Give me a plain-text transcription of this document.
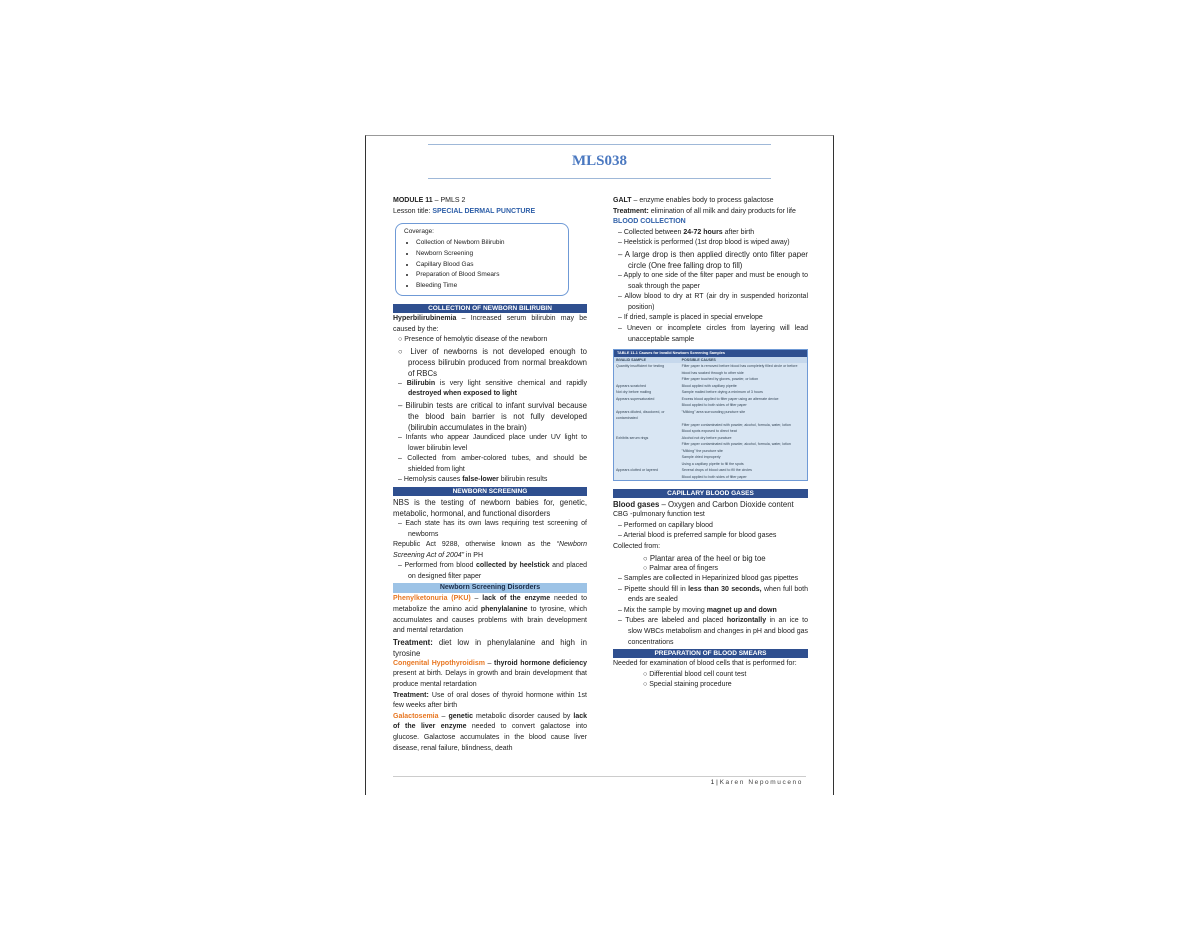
MLS038

MODULE 11 – PMLS 2

Lesson title: SPECIAL DERMAL PUNCTURE

Coverage:
• Collection of Newborn Bilirubin
• Newborn Screening
• Capillary Blood Gas
• Preparation of Blood Smears
• Bleeding Time
COLLECTION OF NEWBORN BILIRUBIN

Hyperbilirubinemia – Increased serum bilirubin may be caused by the:

○ Presence of hemolytic disease of the newborn

○ Liver of newborns is not developed enough to process bilirubin produced from normal breakdown of RBCs

– Bilirubin is very light sensitive chemical and rapidly destroyed when exposed to light

– Bilirubin tests are critical to infant survival because the blood bain barrier is not fully developed (bilirubin accumulates in the brain)

– Infants who appear Jaundiced place under UV light to lower bilirubin level

– Collected from amber-colored tubes, and should be shielded from light

– Hemolysis causes false-lower bilirubin results

NEWBORN SCREENING

NBS is the testing of newborn babies for, genetic, metabolic, hormonal, and functional disorders

– Each state has its own laws requiring test screening of newborns

Republic Act 9288, otherwise known as the “Newborn Screening Act of 2004” in PH

– Performed from blood collected by heelstick and placed on designed filter paper

Newborn Screening Disorders

Phenylketonuria (PKU) – lack of the enzyme needed to metabolize the amino acid phenylalanine to tyrosine, which accumulates and causes problems with brain development and mental retardation

Treatment: diet low in phenylalanine and high in tyrosine

Congenital Hypothyroidism – thyroid hormone deficiency present at birth. Delays in growth and brain development that produce mental retardation

Treatment: Use of oral doses of thyroid hormone within 1st few weeks after birth

Galactosemia – genetic metabolic disorder caused by lack of the liver enzyme needed to convert galactose into glucose. Galactose accumulates in the blood cause liver disease, renal failure, blindness, death

GALT – enzyme enables body to process galactose

Treatment: elimination of all milk and dairy products for life

BLOOD COLLECTION

– Collected between 24-72 hours after birth

– Heelstick is performed (1st drop blood is wiped away)

– A large drop is then applied directly onto filter paper circle (One free falling drop to fill)

– Apply to one side of the filter paper and must be enough to soak through the paper

– Allow blood to dry at RT (air dry in suspended horizontal position)

– If dried, sample is placed in special envelope

– Uneven or incomplete circles from layering will lead unacceptable sample

TABLE 11-1 Causes for Invalid Newborn Screening Samples
INVALID SAMPLE	POSSIBLE CAUSES
Quantity insufficient for testing	Filter paper is removed before blood has completely filled circle or before blood has soaked through to other side
	Filter paper touched by gloves, powder, or lotion
Appears scratched	Blood applied with capillary pipette
Not dry before mailing	Sample mailed before drying a minimum of 3 hours
Appears supersaturated	Excess blood applied to filter paper using an alternate device
	Blood applied to both sides of filter paper
Appears diluted, discolored, or contaminated	"Milking" area surrounding puncture site
	Filter paper contaminated with powder, alcohol, formula, water, lotion
	Blood spots exposed to direct heat
Exhibits serum rings	Alcohol not dry before puncture
	Filter paper contaminated with powder, alcohol, formula, water, lotion
	"Milking" the puncture site
	Sample dried improperly
	Using a capillary pipette to fill the spots
Appears clotted or layered	Several drops of blood used to fill the circles
	Blood applied to both sides of filter paper
CAPILLARY BLOOD GASES

Blood gases – Oxygen and Carbon Dioxide content

CBG -pulmonary function test

– Performed on capillary blood

– Arterial blood is preferred sample for blood gases

Collected from:

○ Plantar area of the heel or big toe

○ Palmar area of fingers

– Samples are collected in Heparinized blood gas pipettes

– Pipette should fill in less than 30 seconds, when full both ends are sealed

– Mix the sample by moving magnet up and down

– Tubes are labeled and placed horizontally in an ice to slow WBCs metabolism and changes in pH and blood gas concentrations

PREPARATION OF BLOOD SMEARS

Needed for examination of blood cells that is performed for:

○ Differential blood cell count test

○ Special staining procedure

1 | Karen Nepomuceno
